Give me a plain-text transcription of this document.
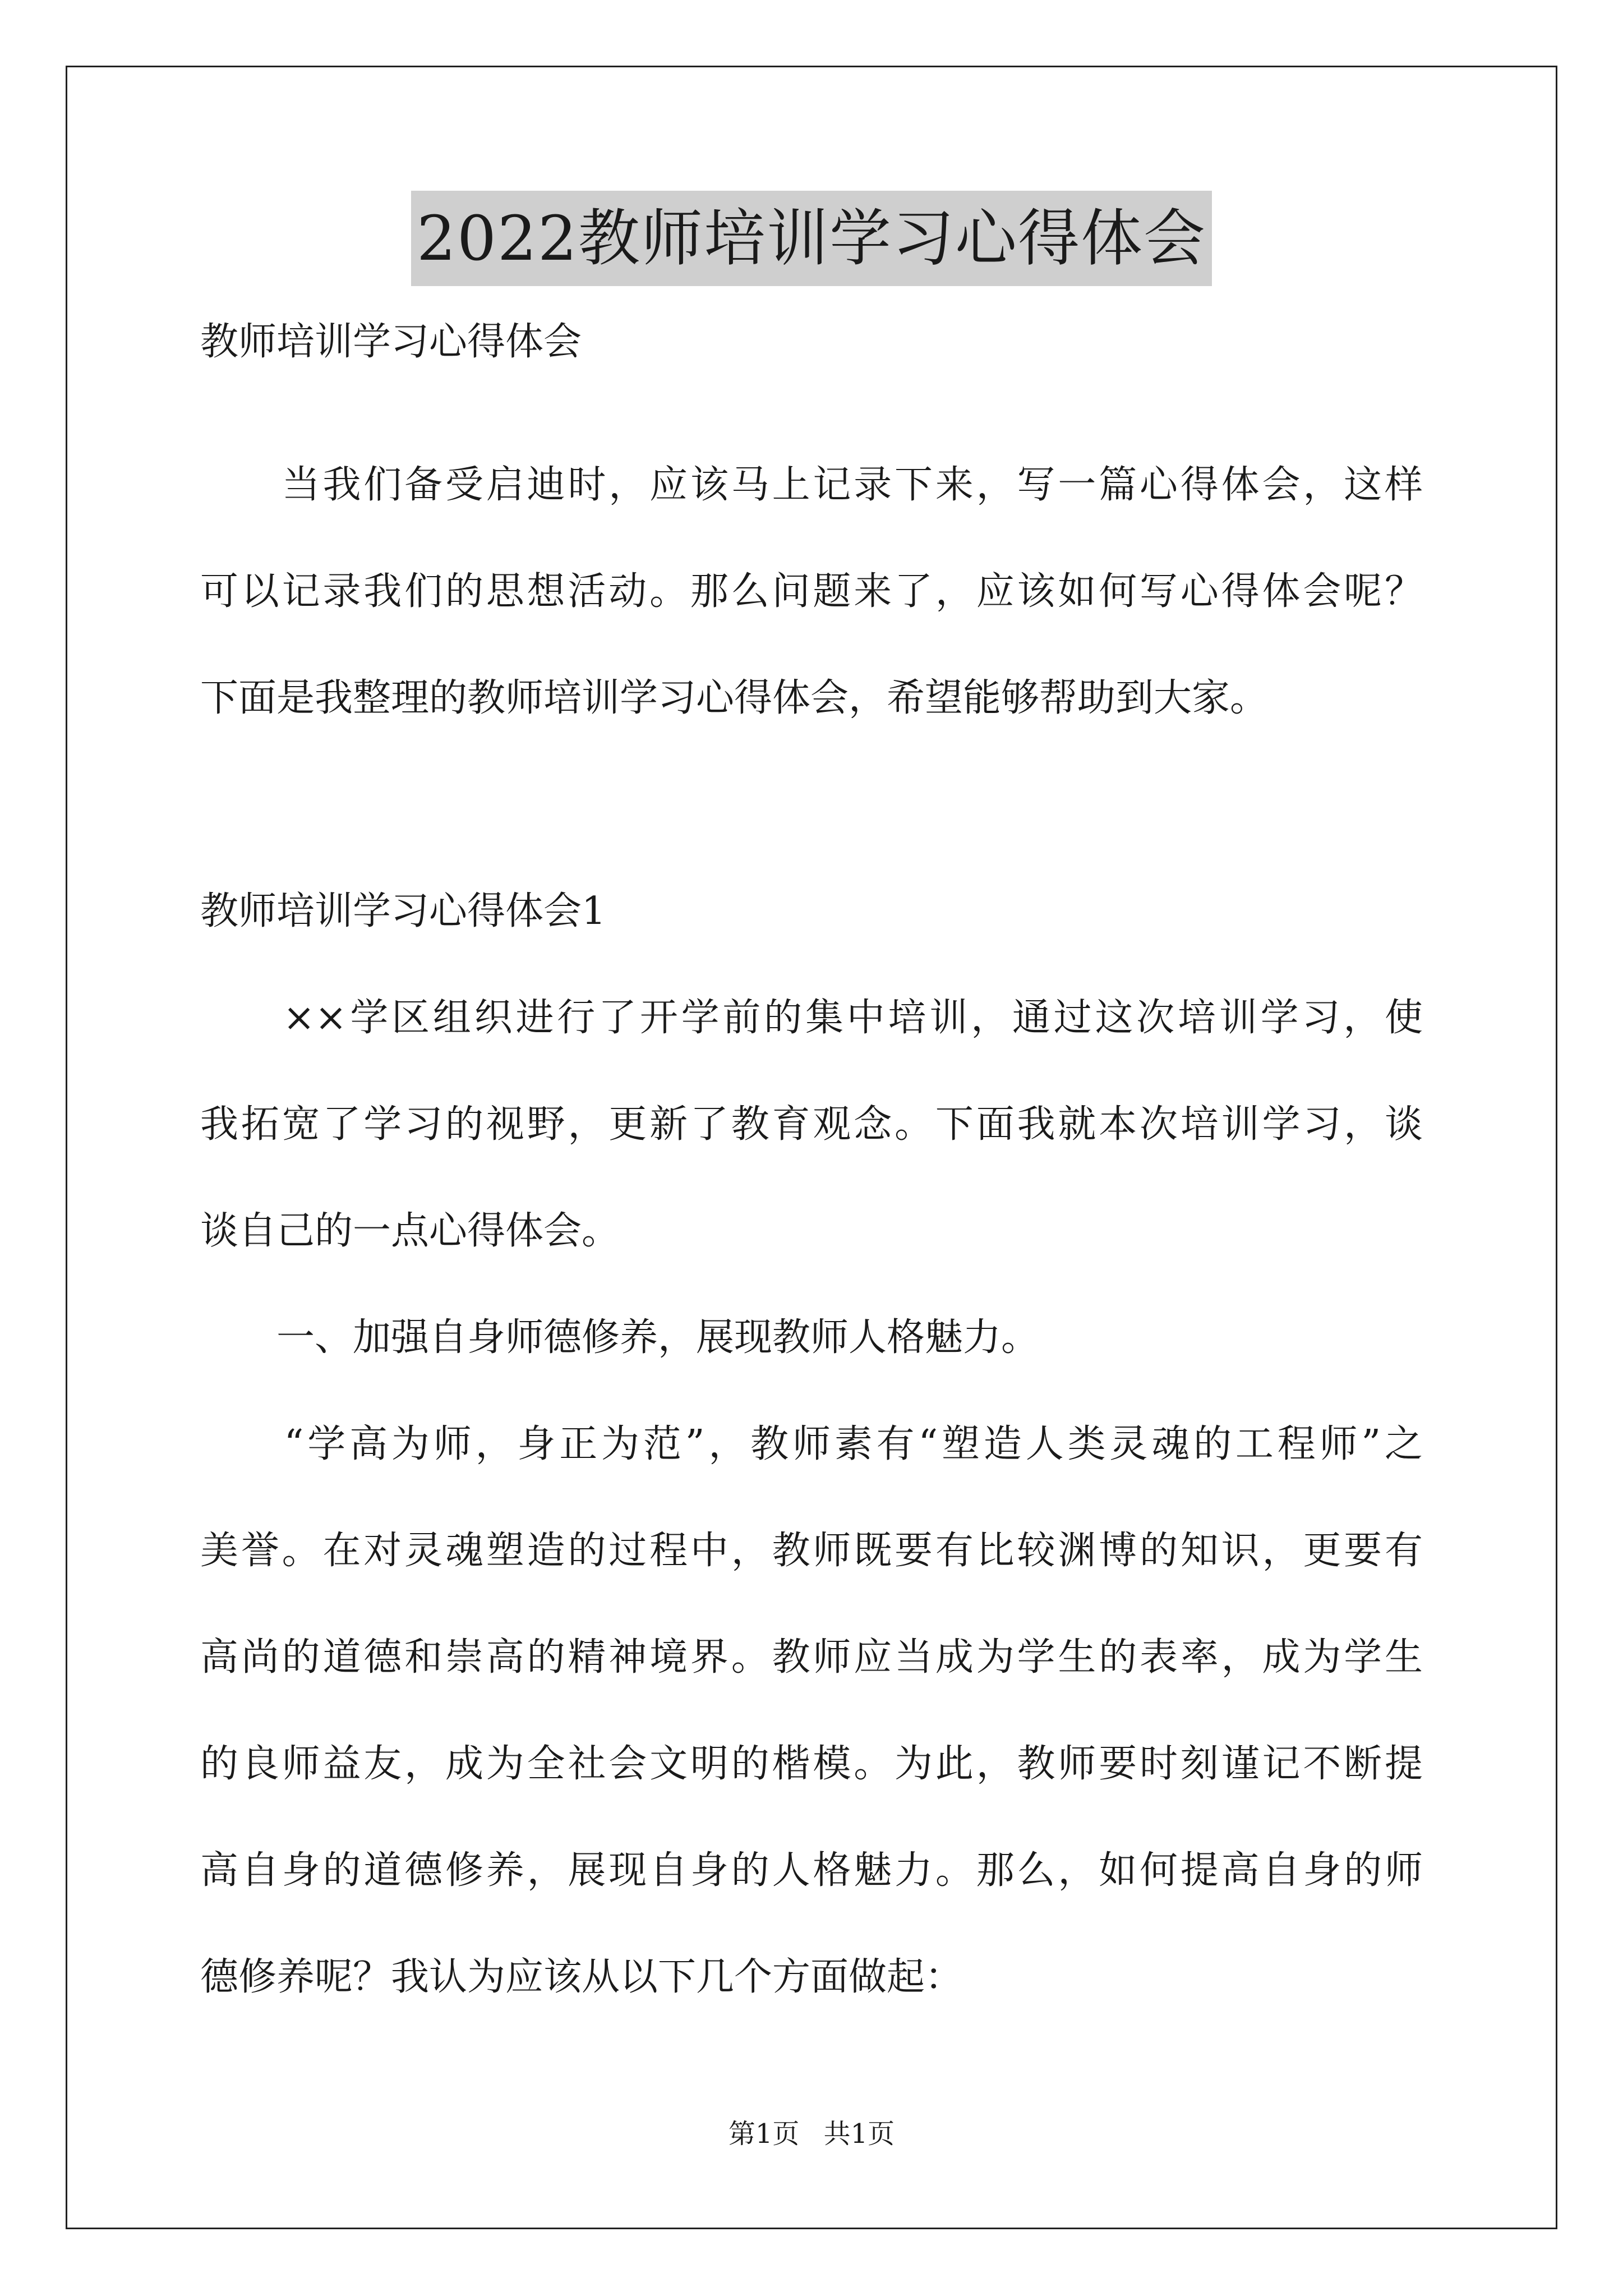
2022教师培训学习心得体会
教师培训学习心得体会
　　当我们备受启迪时，应该马上记录下来，写一篇心得体会，这样
可以记录我们的思想活动。那么问题来了，应该如何写心得体会呢？
下面是我整理的教师培训学习心得体会，希望能够帮助到大家。
教师培训学习心得体会1
　　××学区组织进行了开学前的集中培训，通过这次培训学习，使
我拓宽了学习的视野，更新了教育观念。下面我就本次培训学习，谈
谈自己的一点心得体会。
　　一、加强自身师德修养，展现教师人格魅力。
　　“学高为师，身正为范”，教师素有“塑造人类灵魂的工程师”之
美誉。在对灵魂塑造的过程中，教师既要有比较渊博的知识，更要有
高尚的道德和崇高的精神境界。教师应当成为学生的表率，成为学生
的良师益友，成为全社会文明的楷模。为此，教师要时刻谨记不断提
高自身的道德修养，展现自身的人格魅力。那么，如何提高自身的师
德修养呢？我认为应该从以下几个方面做起：
第1页 共1页
